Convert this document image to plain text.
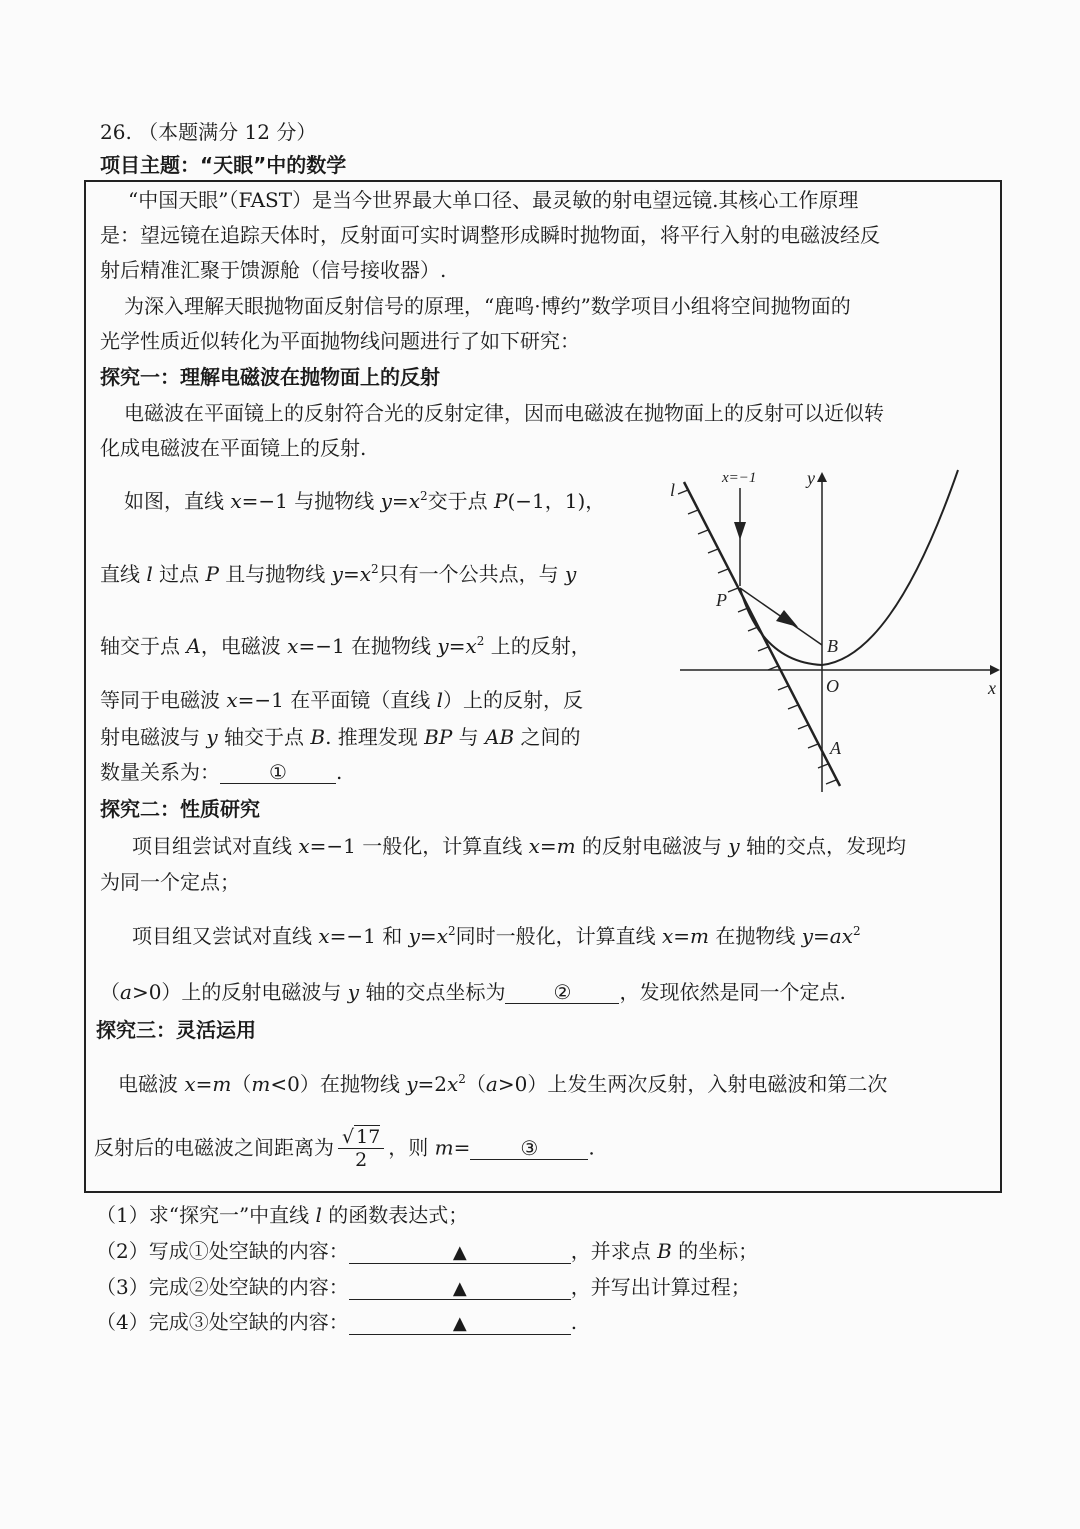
26. （本题满分 12 分）
项目主题：“天眼”中的数学
“中国天眼”（FAST）是当今世界最大单口径、最灵敏的射电望远镜.其核心工作原理
是：望远镜在追踪天体时，反射面可实时调整形成瞬时抛物面，将平行入射的电磁波经反
射后精准汇聚于馈源舱（信号接收器）.
为深入理解天眼抛物面反射信号的原理，“鹿鸣·博约”数学项目小组将空间抛物面的
光学性质近似转化为平面抛物线问题进行了如下研究：
探究一：理解电磁波在抛物面上的反射
电磁波在平面镜上的反射符合光的反射定律，因而电磁波在抛物面上的反射可以近似转
化成电磁波在平面镜上的反射.
如图，直线 x=−1 与抛物线 $y=x^2$交于点 P(−1，1)，
直线 l 过点 P 且与抛物线 $y=x^2$只有一个公共点，与 y
轴交于点 A，电磁波 x=−1 在抛物线 $y=x^2$ 上的反射，
等同于电磁波 x=−1 在平面镜（直线 l）上的反射，反
射电磁波与 y 轴交于点 B. 推理发现 BP 与 AB 之间的
数量关系为： ① .
l
x=−1	y
P
B
O	x
A
探究二：性质研究
项目组尝试对直线 x=−1 一般化，计算直线 x=m 的反射电磁波与 y 轴的交点，发现均
为同一个定点；
项目组又尝试对直线 x=−1 和 $y=x^2$同时一般化，计算直线 x=m 在抛物线 $y=ax^2$
（a>0）上的反射电磁波与 y 轴的交点坐标为 ② ，发现依然是同一个定点.
探究三：灵活运用
电磁波 x=m（m<0）在抛物线 $y=2x^2(a>0)$上发生两次反射，入射电磁波和第二次
反射后的电磁波之间距离为 $\frac{√ 17}{2}$ ，则 m=	③	.
（1）求“探究一”中直线 l 的函数表达式；
（2）写成①处空缺的内容：	▲	，并求点 B 的坐标；
（3）完成②处空缺的内容：	▲	，并写出计算过程；
（4）完成③处空缺的内容：	▲	.
